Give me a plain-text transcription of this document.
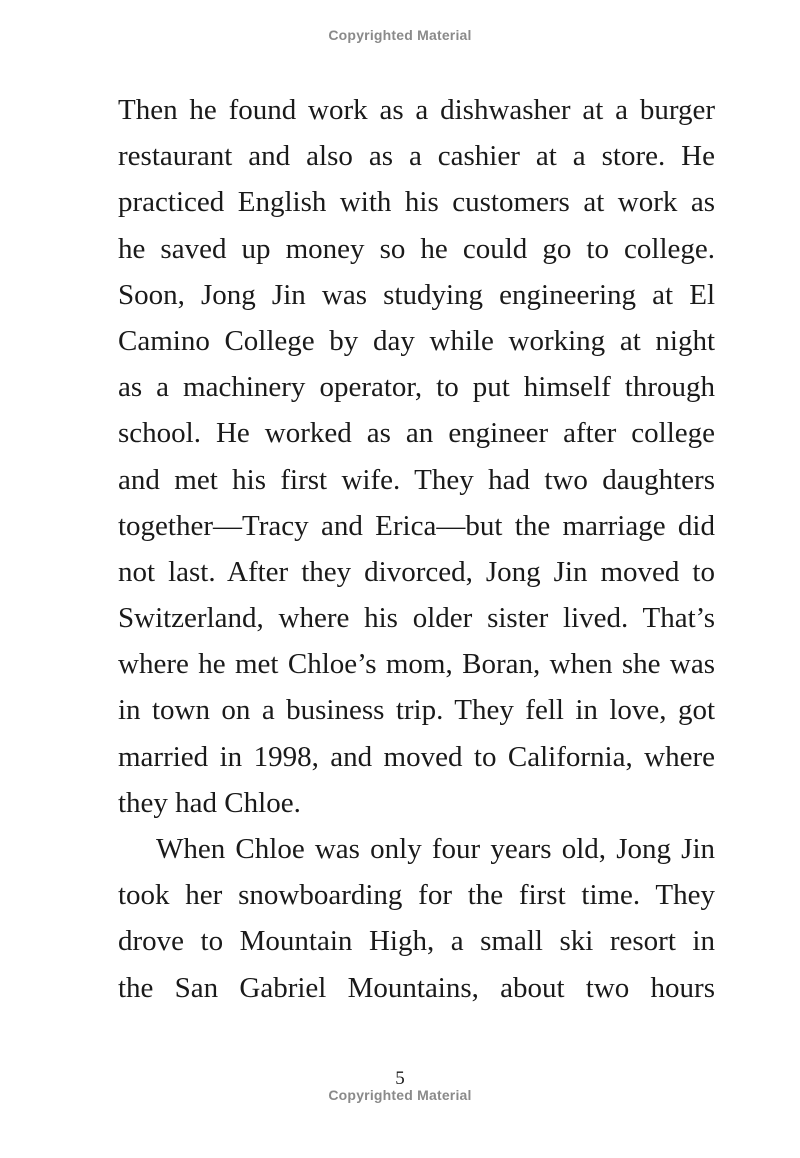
Copyrighted Material
Then he found work as a dishwasher at a burger
restaurant and also as a cashier at a store. He
practiced English with his customers at work as
he saved up money so he could go to college.
Soon, Jong Jin was studying engineering at El
Camino College by day while working at night
as a machinery operator, to put himself through
school. He worked as an engineer after college
and met his first wife. They had two daughters
together—Tracy and Erica—but the marriage did
not last. After they divorced, Jong Jin moved to
Switzerland, where his older sister lived. That’s
where he met Chloe’s mom, Boran, when she was
in town on a business trip. They fell in love, got
married in 1998, and moved to California, where
they had Chloe.
When Chloe was only four years old, Jong Jin
took her snowboarding for the first time. They
drove to Mountain High, a small ski resort in
the San Gabriel Mountains, about two hours
5
Copyrighted Material
